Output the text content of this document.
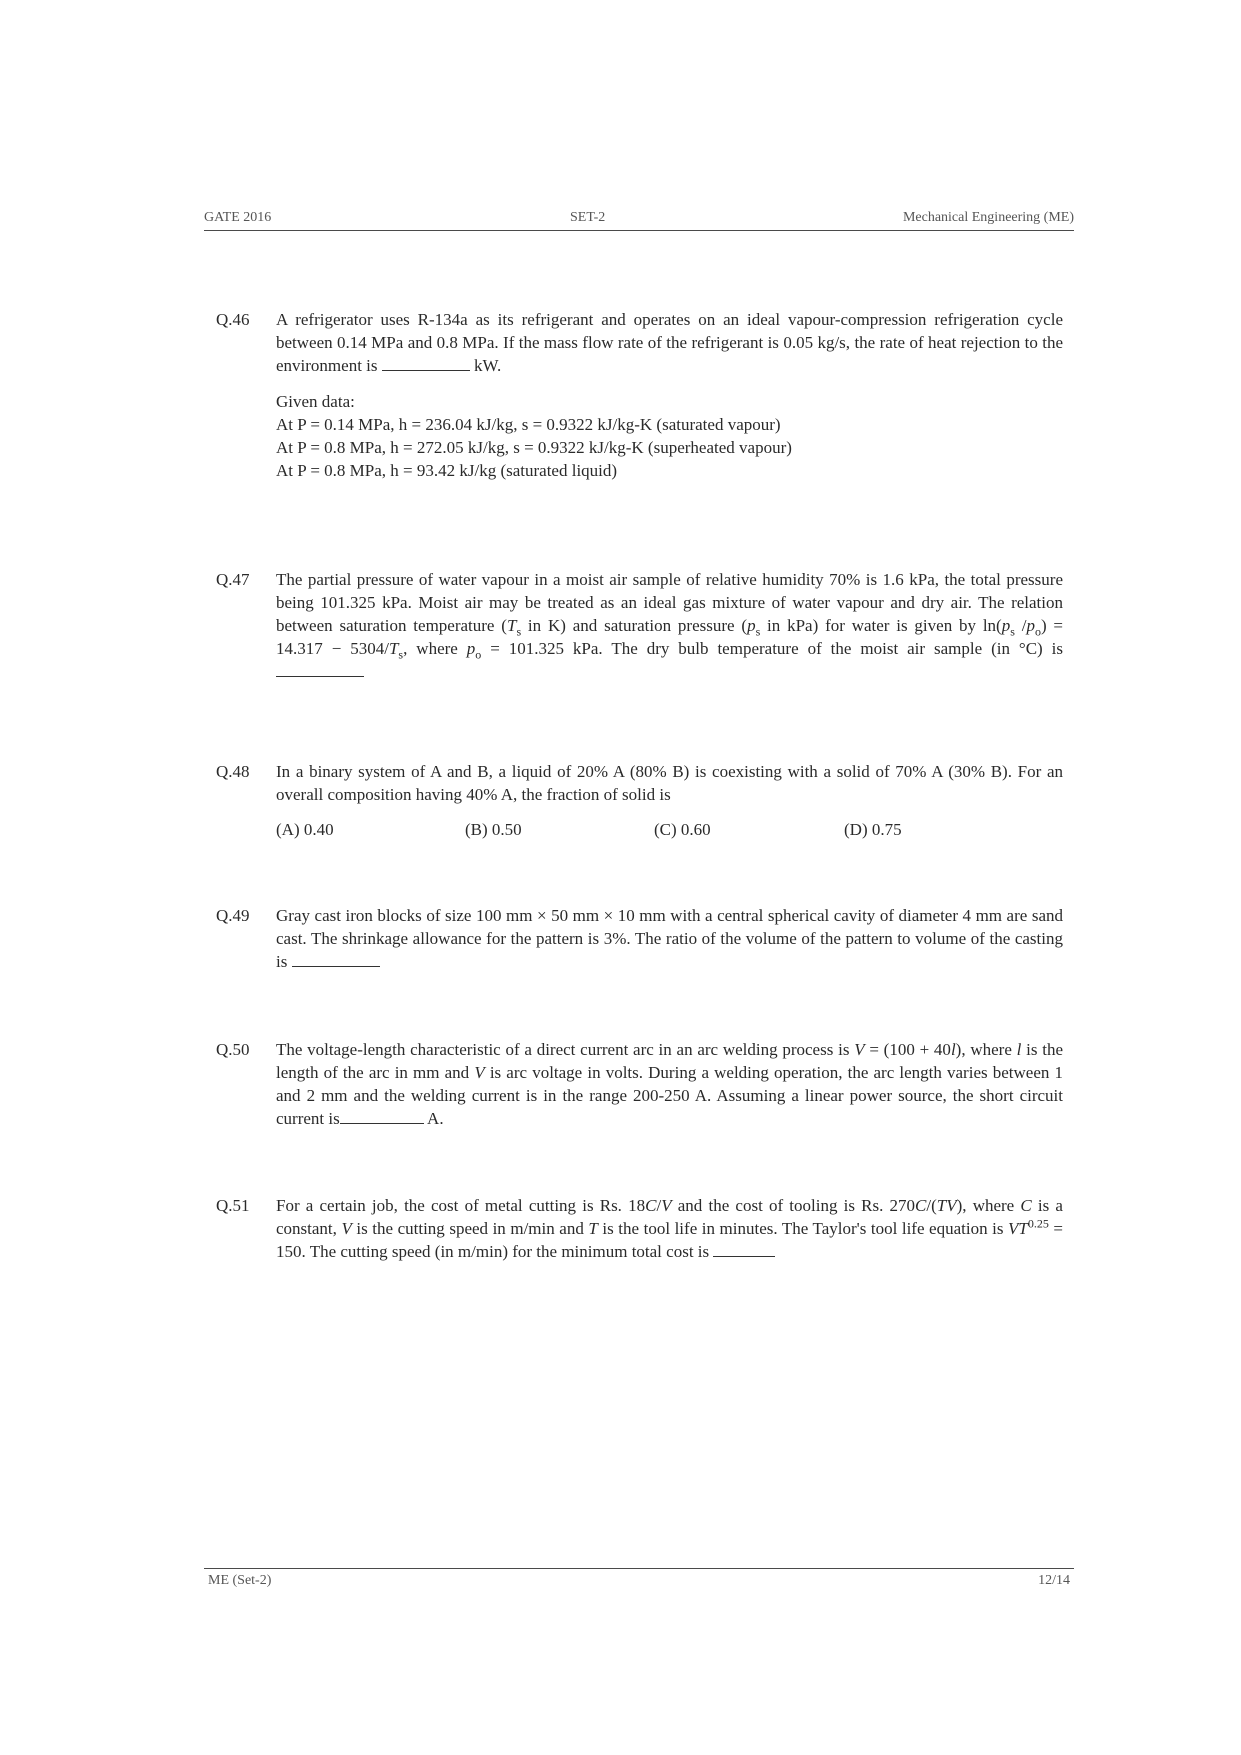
GATE 2016	SET-2	Mechanical Engineering (ME)
Q.46	A refrigerator uses R-134a as its refrigerant and operates on an ideal vapour-compression refrigeration cycle between 0.14 MPa and 0.8 MPa. If the mass flow rate of the refrigerant is 0.05 kg/s, the rate of heat rejection to the environment is	kW.
Given data:
At P = 0.14 MPa, h = 236.04 kJ/kg, s = 0.9322 kJ/kg-K (saturated vapour)
At P = 0.8 MPa, h = 272.05 kJ/kg, s = 0.9322 kJ/kg-K (superheated vapour)
At P = 0.8 MPa, h = 93.42 kJ/kg (saturated liquid)
Q.47	The partial pressure of water vapour in a moist air sample of relative humidity 70% is 1.6 kPa, the total pressure being 101.325 kPa. Moist air may be treated as an ideal gas mixture of water vapour and dry air. The relation between saturation temperature ($T_s$ in K) and saturation pressure ($p_s$ in kPa) for water is given by $\ln(p_s$ $/p_o) = 14.317 - 5304/T_s$, where $p_o = 101.325$ kPa. The dry bulb temperature of the moist air sample (in °C) is
Q.48	In a binary system of A and B, a liquid of 20% A (80% B) is coexisting with a solid of 70% A (30% B). For an overall composition having 40% A, the fraction of solid is
(A) 0.40	(B) 0.50	(C) 0.60	(D) 0.75
Q.49	Gray cast iron blocks of size 100 mm × 50 mm × 10 mm with a central spherical cavity of diameter 4 mm are sand cast. The shrinkage allowance for the pattern is 3%. The ratio of the volume of the pattern to volume of the casting is
Q.50	The voltage-length characteristic of a direct current arc in an arc welding process is V = (100 + 40l), where l is the length of the arc in mm and V is arc voltage in volts. During a welding operation, the arc length varies between 1 and 2 mm and the welding current is in the range 200-250 A. Assuming a linear power source, the short circuit current is	A.
Q.51	For a certain job, the cost of metal cutting is Rs. 18C/V and the cost of tooling is Rs. 270C/(TV), where C is a constant, V is the cutting speed in m/min and T is the tool life in minutes. The Taylor's tool life equation is $VT^{0.25} = 150$. The cutting speed (in m/min) for the minimum total cost is
ME (Set-2)	12/14
